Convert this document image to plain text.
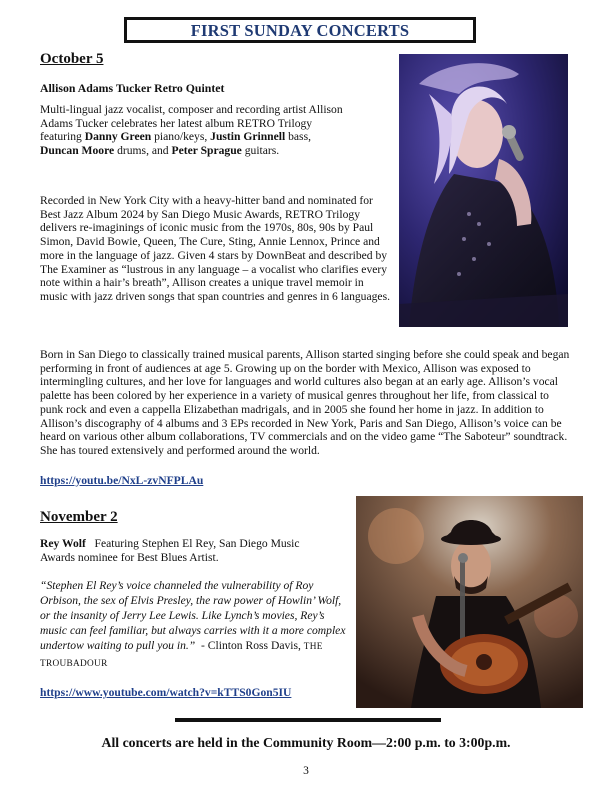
FIRST SUNDAY CONCERTS

October 5

Allison Adams Tucker Retro Quintet

Multi-lingual jazz vocalist, composer and recording artist Allison Adams Tucker celebrates her latest album RETRO Trilogy featuring Danny Green piano/keys, Justin Grinnell bass, Duncan Moore drums, and Peter Sprague guitars.

Recorded in New York City with a heavy-hitter band and nominated for Best Jazz Album 2024 by San Diego Music Awards, RETRO Trilogy delivers re-imaginings of iconic music from the 1970s, 80s, 90s by Paul Simon, David Bowie, Queen, The Cure, Sting, Annie Lennox, Prince and more in the language of jazz. Given 4 stars by DownBeat and described by The Examiner as “lustrous in any language – a vocalist who clarifies every note within a hair’s breath”, Allison creates a unique travel memoir in music with jazz driven songs that span countries and genres in 6 languages.

Born in San Diego to classically trained musical parents, Allison started singing before she could speak and began performing in front of audiences at age 5. Growing up on the border with Mexico, Allison was exposed to intermingling cultures, and her love for languages and world cultures also began at an early age. Allison’s vocal palette has been colored by her experience in a variety of musical genres throughout her life, from classical to punk rock and even a cappella Elizabethan madrigals, and in 2005 she found her home in jazz. In addition to Allison’s discography of 4 albums and 3 EPs recorded in New York, Paris and San Diego, Allison’s voice can be heard on various other album collaborations, TV commercials and on the video game “The Saboteur” soundtrack. She has toured extensively and performed around the world.

https://youtu.be/NxL-zvNFPLAu

November 2

Rey Wolf Featuring Stephen El Rey, San Diego Music Awards nominee for Best Blues Artist.

“Stephen El Rey’s voice channeled the vulnerability of Roy Orbison, the sex of Elvis Presley, the raw power of Howlin’ Wolf, or the insanity of Jerry Lee Lewis. Like Lynch’s movies, Rey’s music can feel familiar, but always carries with it a more complex undertow waiting to pull you in.” - Clinton Ross Davis, THE TROUBADOUR

https://www.youtube.com/watch?v=kTTS0Gon5IU

All concerts are held in the Community Room—2:00 p.m. to 3:00p.m.

3
